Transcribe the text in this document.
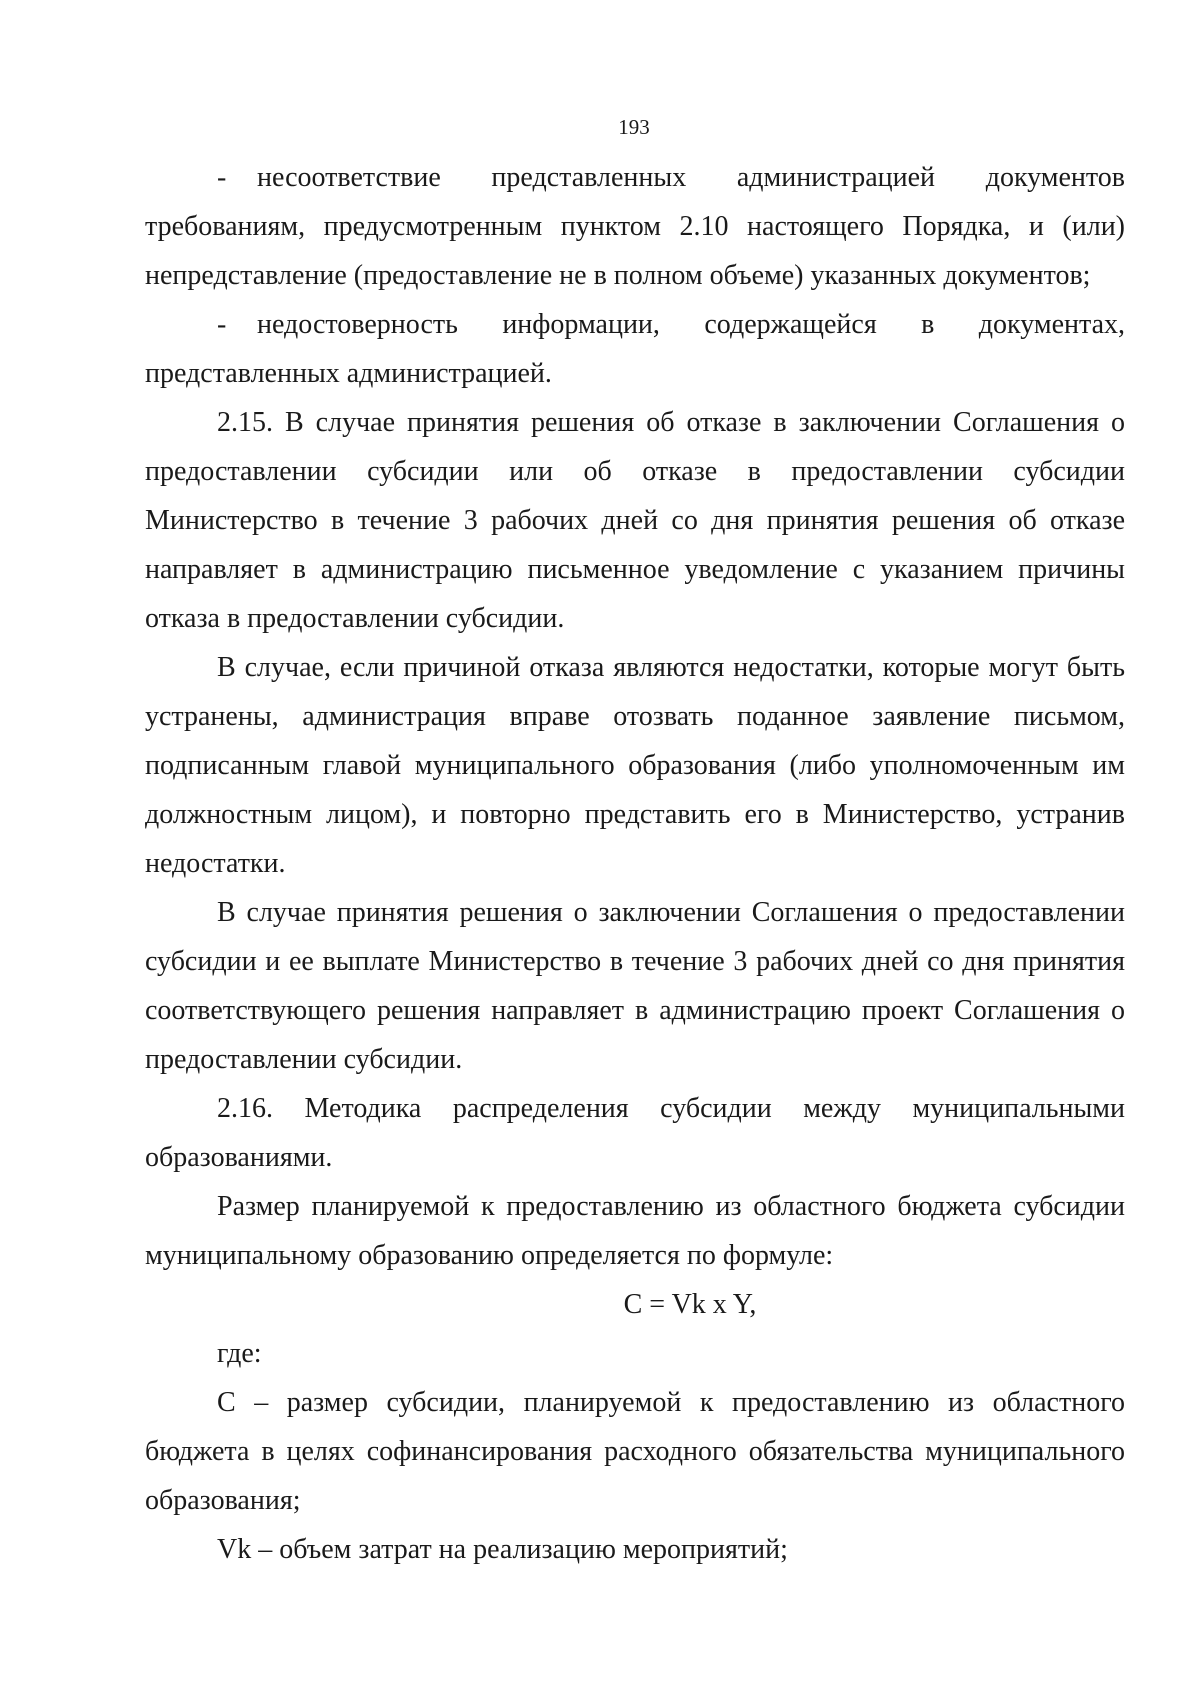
193

- несоответствие представленных администрацией документов требованиям, предусмотренным пунктом 2.10 настоящего Порядка, и (или) непредставление (предоставление не в полном объеме) указанных документов;

- недостоверность информации, содержащейся в документах, представленных администрацией.

2.15. В случае принятия решения об отказе в заключении Соглашения о предоставлении субсидии или об отказе в предоставлении субсидии Министерство в течение 3 рабочих дней со дня принятия решения об отказе направляет в администрацию письменное уведомление с указанием причины отказа в предоставлении субсидии.

В случае, если причиной отказа являются недостатки, которые могут быть устранены, администрация вправе отозвать поданное заявление письмом, подписанным главой муниципального образования (либо уполномоченным им должностным лицом), и повторно представить его в Министерство, устранив недостатки.

В случае принятия решения о заключении Соглашения о предоставлении субсидии и ее выплате Министерство в течение 3 рабочих дней со дня принятия соответствующего решения направляет в администрацию проект Соглашения о предоставлении субсидии.

2.16. Методика распределения субсидии между муниципальными образованиями.

Размер планируемой к предоставлению из областного бюджета субсидии муниципальному образованию определяется по формуле:

C = Vk x Y,

где:

C – размер субсидии, планируемой к предоставлению из областного бюджета в целях софинансирования расходного обязательства муниципального образования;

Vk – объем затрат на реализацию мероприятий;
